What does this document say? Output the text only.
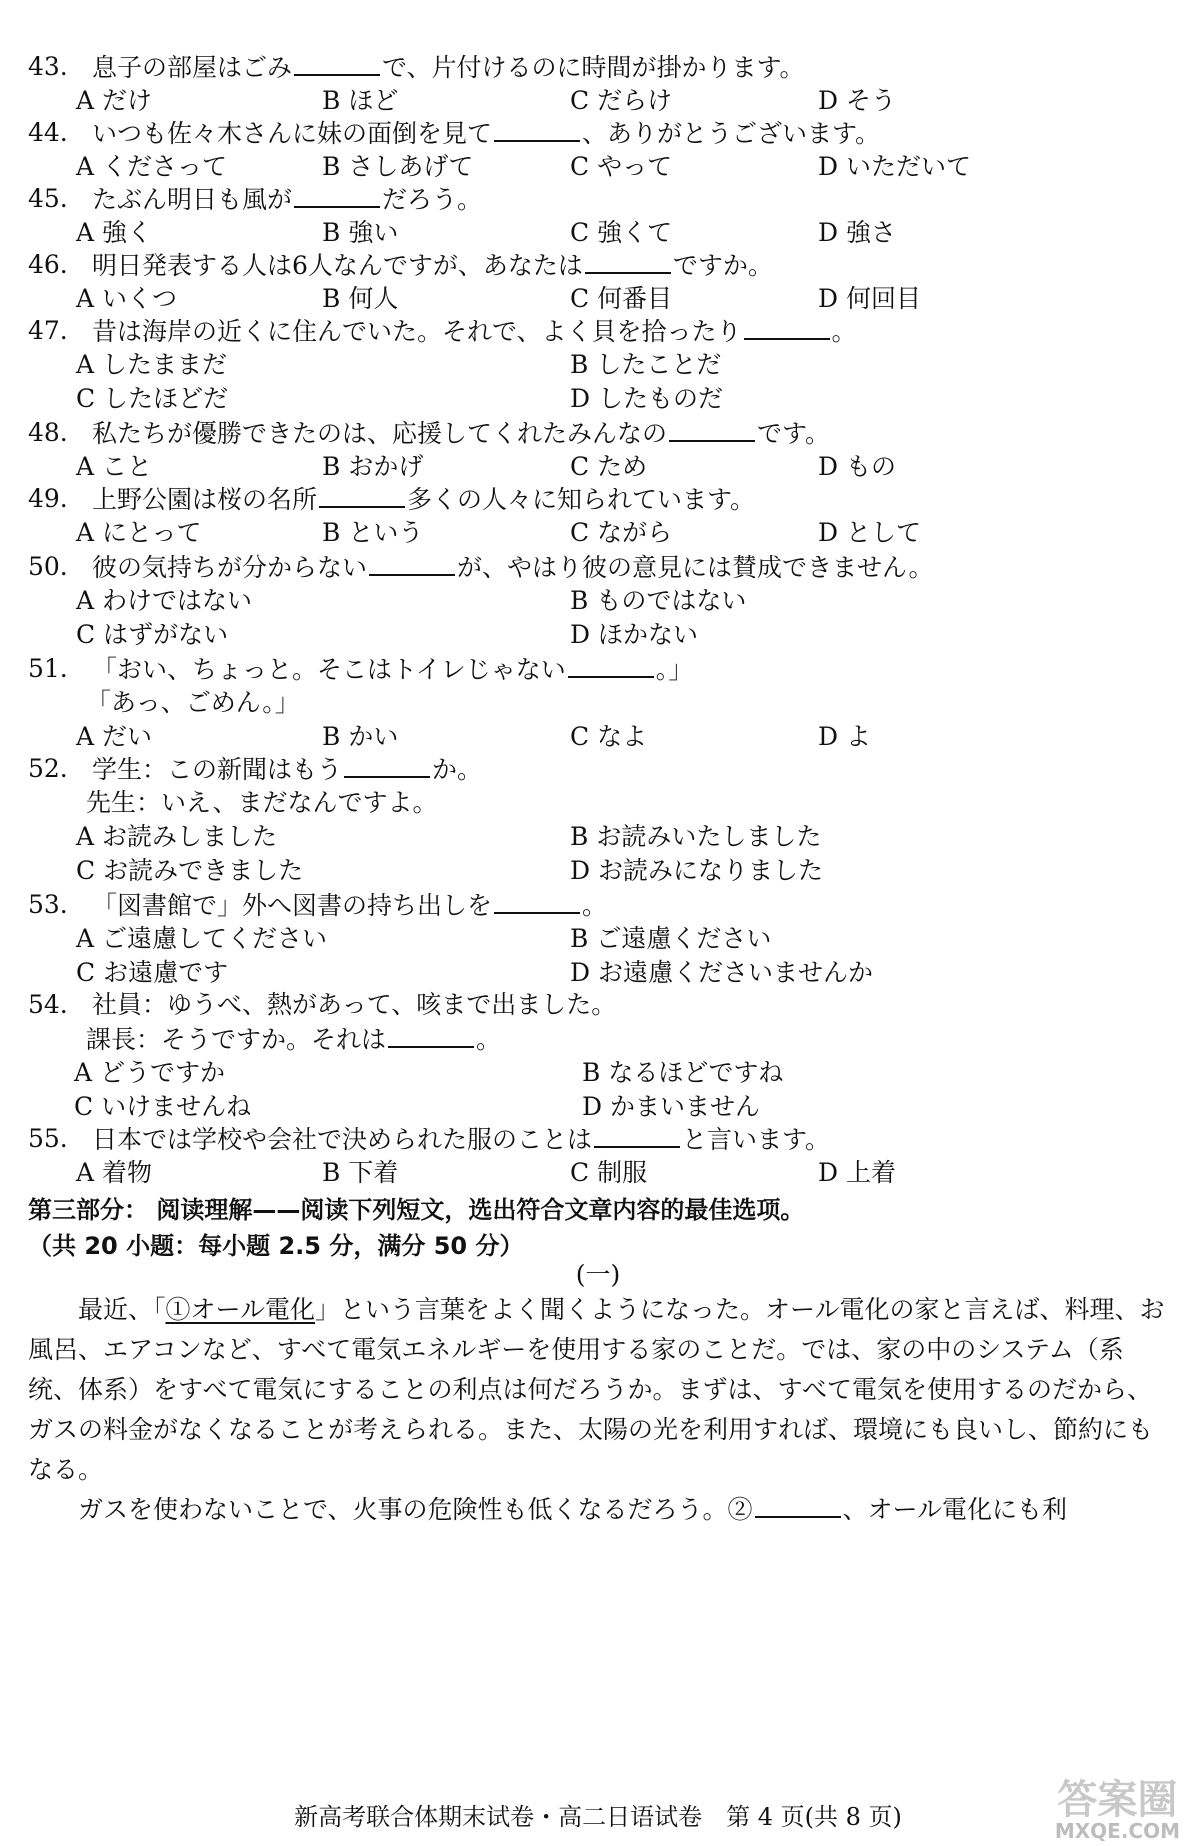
43. 息子の部屋はごみ	で、片付けるのに時間が掛かります。
A だけ	B ほど	C だらけ	D そう
44. いつも佐々木さんに妹の面倒を見て	、ありがとうございます。
A くださって	B さしあげて	C やって	D いただいて
45. たぶん明日も風が	だろう。
A 強く	B 強い	C 強くて	D 強さ
46. 明日発表する人は6人なんですが、あなたは	ですか。
A いくつ	B 何人	C 何番目	D 何回目
47. 昔は海岸の近くに住んでいた。それで、よく貝を拾ったり	。
A したままだ	B したことだ
C したほどだ	D したものだ
48. 私たちが優勝できたのは、応援してくれたみんなの	です。
A こと	B おかげ	C ため	D もの
49. 上野公園は桜の名所	多くの人々に知られています。
A にとって	B という	C ながら	D として
50. 彼の気持ちが分からない	が、やはり彼の意見には賛成できません。
A わけではない	B ものではない
C はずがない	D ほかない
51. 「おい、ちょっと。そこはトイレじゃない	。」
「あっ、ごめん。」
A だい	B かい	C なよ	D よ
52. 学生：この新聞はもう	か。
先生：いえ、まだなんですよ。
A お読みしました	B お読みいたしました
C お読みできました	D お読みになりました
53. 「図書館で」外へ図書の持ち出しを	。
A ご遠慮してください	B ご遠慮ください
C お遠慮です	D お遠慮くださいませんか
54. 社員：ゆうべ、熱があって、咳まで出ました。
課長：そうですか。それは	。
A どうですか	B なるほどですね
C いけませんね	D かまいません
55. 日本では学校や会社で決められた服のことは	と言います。
A 着物	B 下着	C 制服	D 上着
第三部分： 阅读理解——阅读下列短文，选出符合文章内容的最佳选项。
（共 20 小题：每小题 2.5 分，满分 50 分）
(一)

最近、「①オール電化」という言葉をよく聞くようになった。オール電化の家と言えば、料理、お風呂、エアコンなど、すべて電気エネルギーを使用する家のことだ。では、家の中のシステム（系统、体系）をすべて電気にすることの利点は何だろうか。まずは、すべて電気を使用するのだから、ガスの料金がなくなることが考えられる。また、太陽の光を利用すれば、環境にも良いし、節約にもなる。

ガスを使わないことで、火事の危険性も低くなるだろう。②	、オール電化にも利

新高考联合体期末试卷・高二日语试卷　第 4 页(共 8 页)	答案圈
MXQE.COM
